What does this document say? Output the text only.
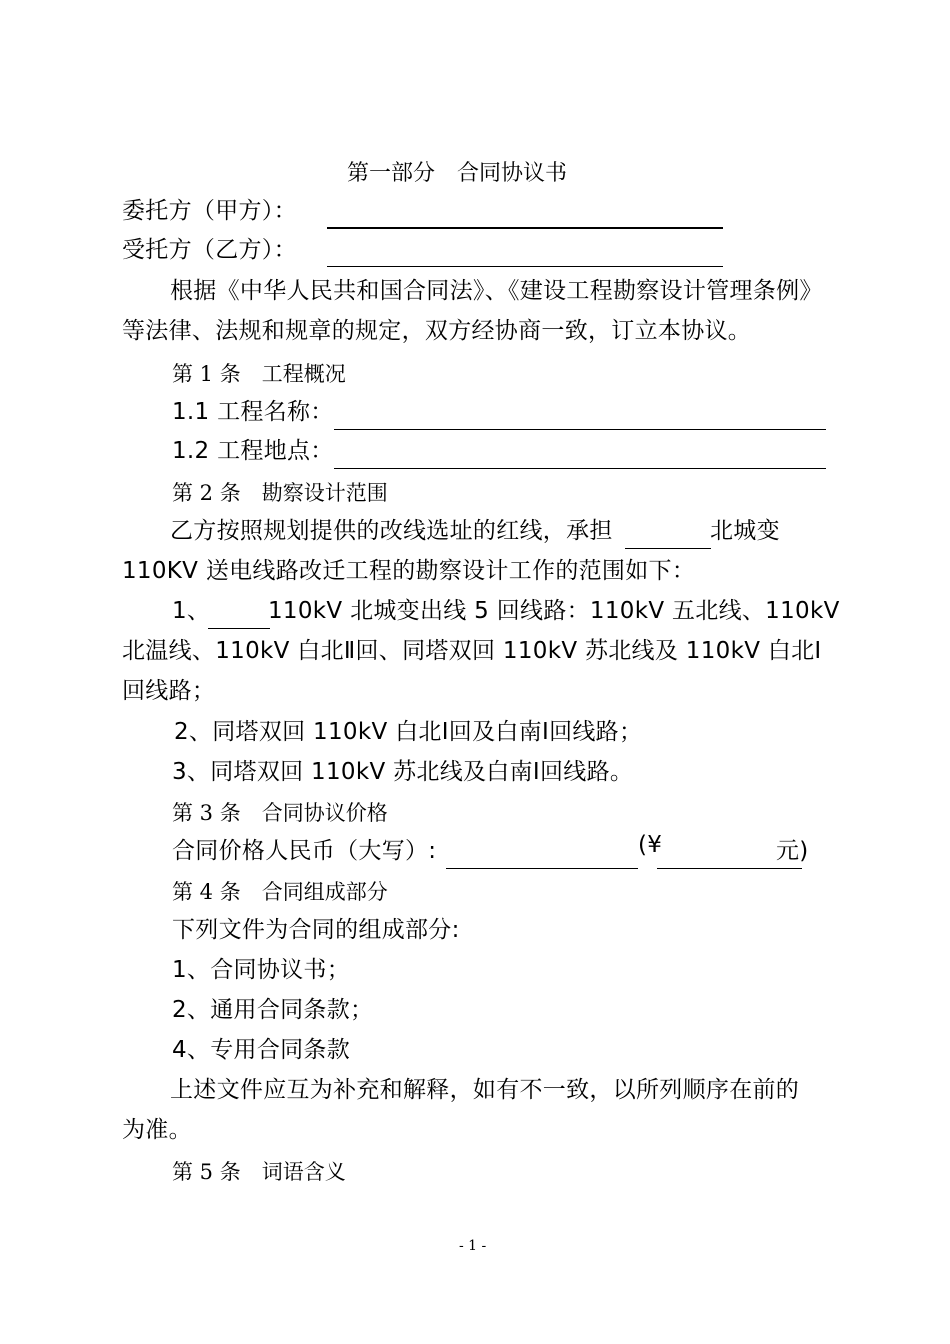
第一部分　合同协议书
委托方（甲方）：
受托方（乙方）：
根据《中华人民共和国合同法》、《建设工程勘察设计管理条例》
等法律、法规和规章的规定，双方经协商一致，订立本协议。
第 1 条　工程概况
1.1 工程名称：
1.2 工程地点：
第 2 条　勘察设计范围
乙方按照规划提供的改线选址的红线，承担	北城变
110KV 送电线路改迁工程的勘察设计工作的范围如下：
1、	110kV 北城变出线 5 回线路：110kV 五北线、110kV
北温线、110kV 白北Ⅱ回、同塔双回 110kV 苏北线及 110kV 白北Ⅰ
回线路；
2、同塔双回 110kV 白北Ⅰ回及白南Ⅰ回线路；
3、同塔双回 110kV 苏北线及白南Ⅰ回线路。
第 3 条　合同协议价格
合同价格人民币（大写）:	(¥	元)
第 4 条　合同组成部分
下列文件为合同的组成部分:
1、合同协议书；
2、通用合同条款；
4、专用合同条款
上述文件应互为补充和解释，如有不一致，以所列顺序在前的
为准。
第 5 条　词语含义
- 1 -
